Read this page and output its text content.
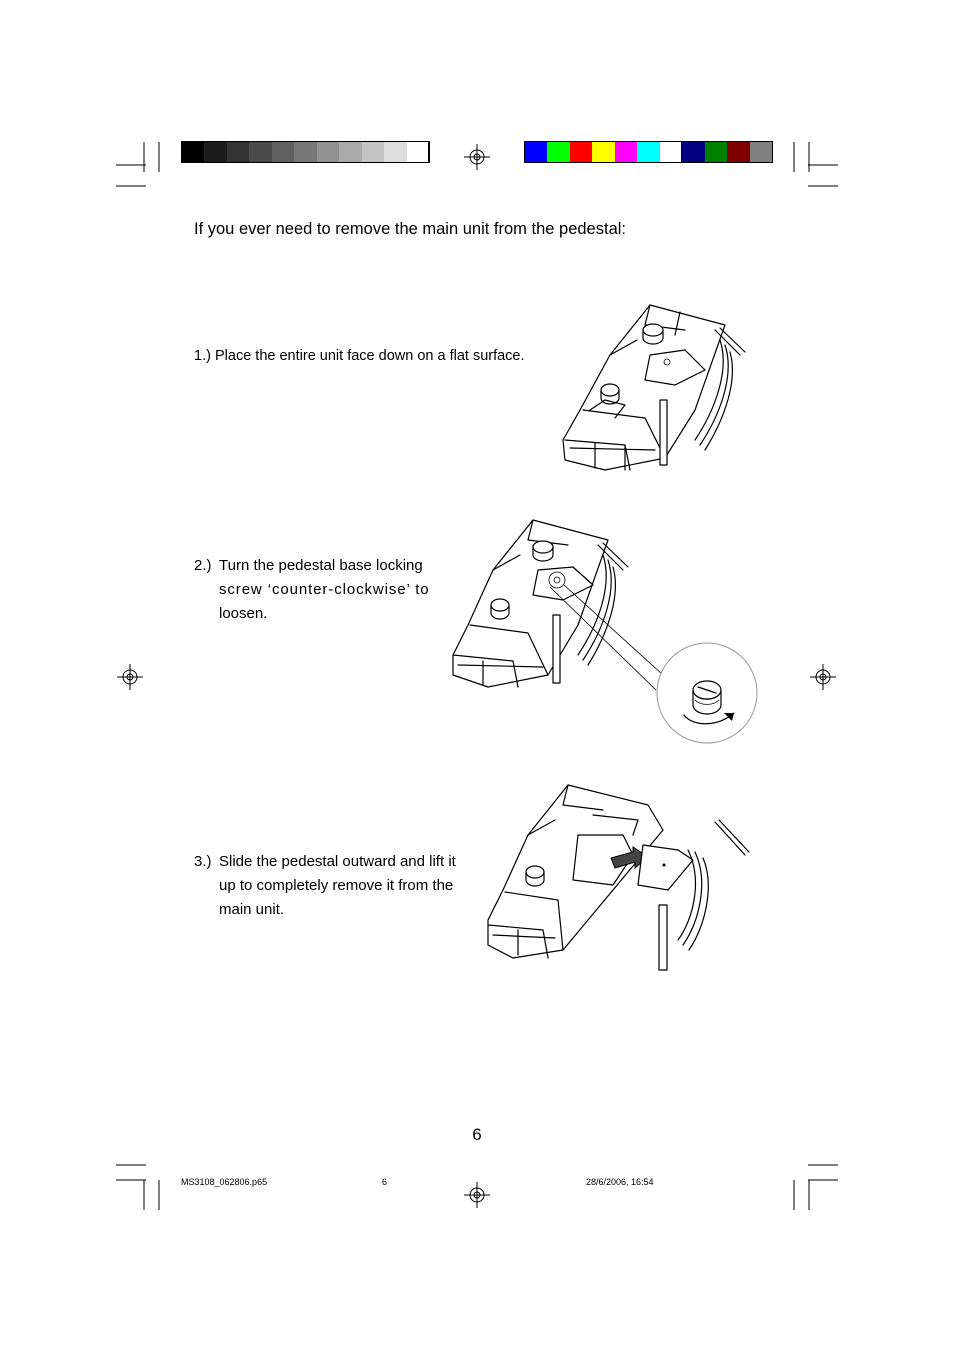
If you ever need to remove the main unit from the pedestal:
1.) Place the entire unit face down on a flat surface.
2.) Turn the pedestal base locking
screw ‘counter-clockwise’ to
loosen.
3.) Slide the pedestal outward and lift it
up to completely remove it from the
main unit.
6
MS3108_062806.p65	6	28/6/2006, 16:54
